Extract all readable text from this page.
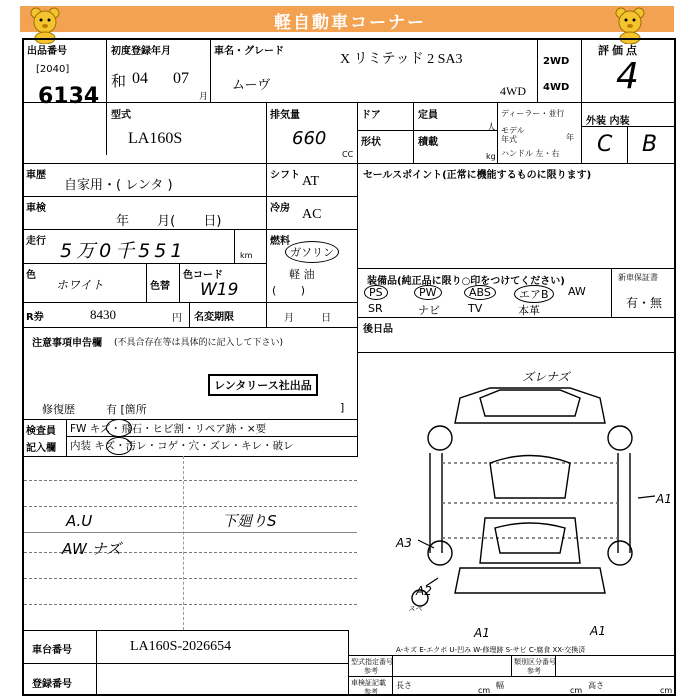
軽自動車コーナー
出品番号
[2040]
6134
初度登録年月
和 04 07
月
車名・グレード
X リミテッド 2 SA3
ムーヴ	4WD
2WD
4WD
評価点
4
型式
LA160S
排気量
660
CC
ドア
形状
定員
人
積載
kg
ディーラー・並行
モデル
年式	年
ハンドル 左・右
外装 内装
C B
車歴
自家用・( レンタ )
車検
年 月( 日)
走行 5万0千551	km
色
ホワイト	色替
色コード
W19
R券	8430	円 名変期限	月 日
シフト AT
冷房 AC
燃料
ガソリン
軽 油
(       )
セールスポイント(正常に機能するものに限ります)
装備品(純正品に限り○印をつけてください)	新車保証書
有・無
PS	PW	ABS	エアB	AW
SR	ナビ	TV	本革
後日品
注意事項申告欄 (不具合存在等は具体的に記入して下さい)
レンタリース社出品
修復歴	有 [箇所	]
検査員
記入欄
FW キズ・飛石・ヒビ割・リペア跡・×要
内装 キズ・汚レ・コゲ・穴・ズレ・キレ・破レ
A.U	下廻りS
AW ナズ
ズレナズ
A1
A3
A2
スペ
A1	A1
A-キズ E-エクボ U-凹み W-修理跡 S-サビ C-腐食 XX-交換済
車台番号	LA160S-2026654
登録番号
型式指定番号
参考
類別区分番号
参考
車検証記載
参考
長さ
cm
幅
cm
高さ
cm
